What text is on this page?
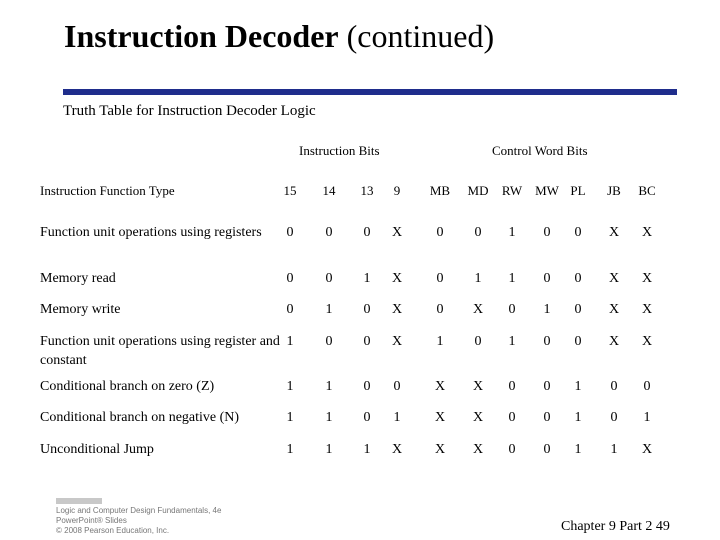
Instruction Decoder (continued)
Truth Table for Instruction Decoder Logic
Instruction Bits	Control Word Bits
Instruction Function Type	15	14	13	9	MB MD RW MW PL	JB	BC
Function unit operations using registers	0	0	0	X	0	0	1	0	0	X	X
Memory read	0	0	1	X	0	1	1	0	0	X	X
Memory write	0	1	0	X	0	X	0	1	0	X	X
Function unit operations using register and constant
1	0	0	X	1	0	1	0	0	X	X
Conditional branch on zero (Z)	1	1	0	0	X	X	0	0	1	0	0
Conditional branch on negative (N)	1	1	0	1	X	X	0	0	1	0	1
Unconditional Jump	1	1	1	X	X	X	0	0	1	1	X
Logic and Computer Design Fundamentals, 4e
PowerPoint® Slides
© 2008 Pearson Education, Inc.	Chapter 9 Part 2 49
